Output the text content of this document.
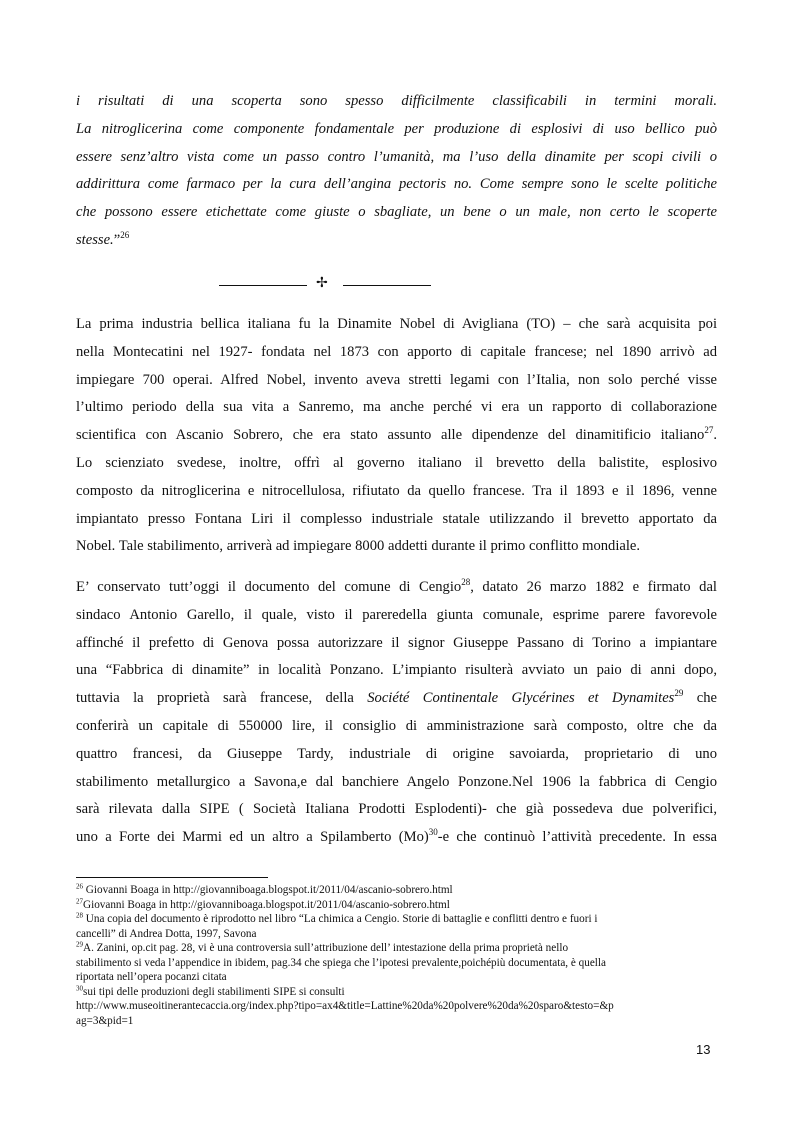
i risultati di una scoperta sono spesso difficilmente classificabili in termini morali.
La nitroglicerina come componente fondamentale per produzione di esplosivi di uso bellico può
essere senz’altro vista come un passo contro l’umanità, ma l’uso della dinamite per scopi civili o
addirittura come farmaco per la cura dell’angina pectoris no. Come sempre sono le scelte politiche
che possono essere etichettate come giuste o sbagliate, un bene o un male, non certo le scoperte
stesse.”$^{26}$
✢
La prima industria bellica italiana fu la Dinamite Nobel di Avigliana (TO) – che sarà acquisita poi
nella Montecatini nel 1927- fondata nel 1873 con apporto di capitale francese; nel 1890 arrivò ad
impiegare 700 operai. Alfred Nobel, invento aveva stretti legami con l’Italia, non solo perché visse
l’ultimo periodo della sua vita a Sanremo, ma anche perché vi era un rapporto di collaborazione
scientifica con Ascanio Sobrero, che era stato assunto alle dipendenze del dinamitificio italiano$^{27}$.
Lo scienziato svedese, inoltre, offrì al governo italiano il brevetto della balistite, esplosivo
composto da nitroglicerina e nitrocellulosa, rifiutato da quello francese. Tra il 1893 e il 1896, venne
impiantato presso Fontana Liri il complesso industriale statale utilizzando il brevetto apportato da
Nobel. Tale stabilimento, arriverà ad impiegare 8000 addetti durante il primo conflitto mondiale.
E’ conservato tutt’oggi il documento del comune di Cengio$^{28}$, datato 26 marzo 1882 e firmato dal
sindaco Antonio Garello, il quale, visto il pareredella giunta comunale, esprime parere favorevole
affinché il prefetto di Genova possa autorizzare il signor Giuseppe Passano di Torino a impiantare
una “Fabbrica di dinamite” in località Ponzano. L’impianto risulterà avviato un paio di anni dopo,
tuttavia la proprietà sarà francese, della Société Continentale Glycérines et Dynamites$^{29}$ che
conferirà un capitale di 550000 lire, il consiglio di amministrazione sarà composto, oltre che da
quattro francesi, da Giuseppe Tardy, industriale di origine savoiarda, proprietario di uno
stabilimento metallurgico a Savona,e dal banchiere Angelo Ponzone.Nel 1906 la fabbrica di Cengio
sarà rilevata dalla SIPE ( Società Italiana Prodotti Esplodenti)- che già possedeva due polverifici,
uno a Forte dei Marmi ed un altro a Spilamberto $(Mo)^{30}-e$ che continuò l’attività precedente. In essa
$^{26}$ Giovanni Boaga in http://giovanniboaga.blogspot.it/2011/04/ascanio-sobrero.html
$^{27}$Giovanni Boaga in http://giovanniboaga.blogspot.it/2011/04/ascanio-sobrero.html
$^{28}$ Una copia del documento è riprodotto nel libro “La chimica a Cengio. Storie di battaglie e conflitti dentro e fuori i
cancelli” di Andrea Dotta, 1997, Savona
$^{29}$A. Zanini, op.cit pag. 28, vi è una controversia sull’attribuzione dell’ intestazione della prima proprietà nello
stabilimento si veda l’appendice in ibidem, pag.34 che spiega che l’ipotesi prevalente,poichépiù documentata, è quella
riportata nell’opera pocanzi citata
$^{30}$sui tipi delle produzioni degli stabilimenti SIPE si consulti
http://www.museoitinerantecaccia.org/index.php?tipo=ax4&title=Lattine%20da%20polvere%20da%20sparo&testo=&p
ag=3&pid=1
13
